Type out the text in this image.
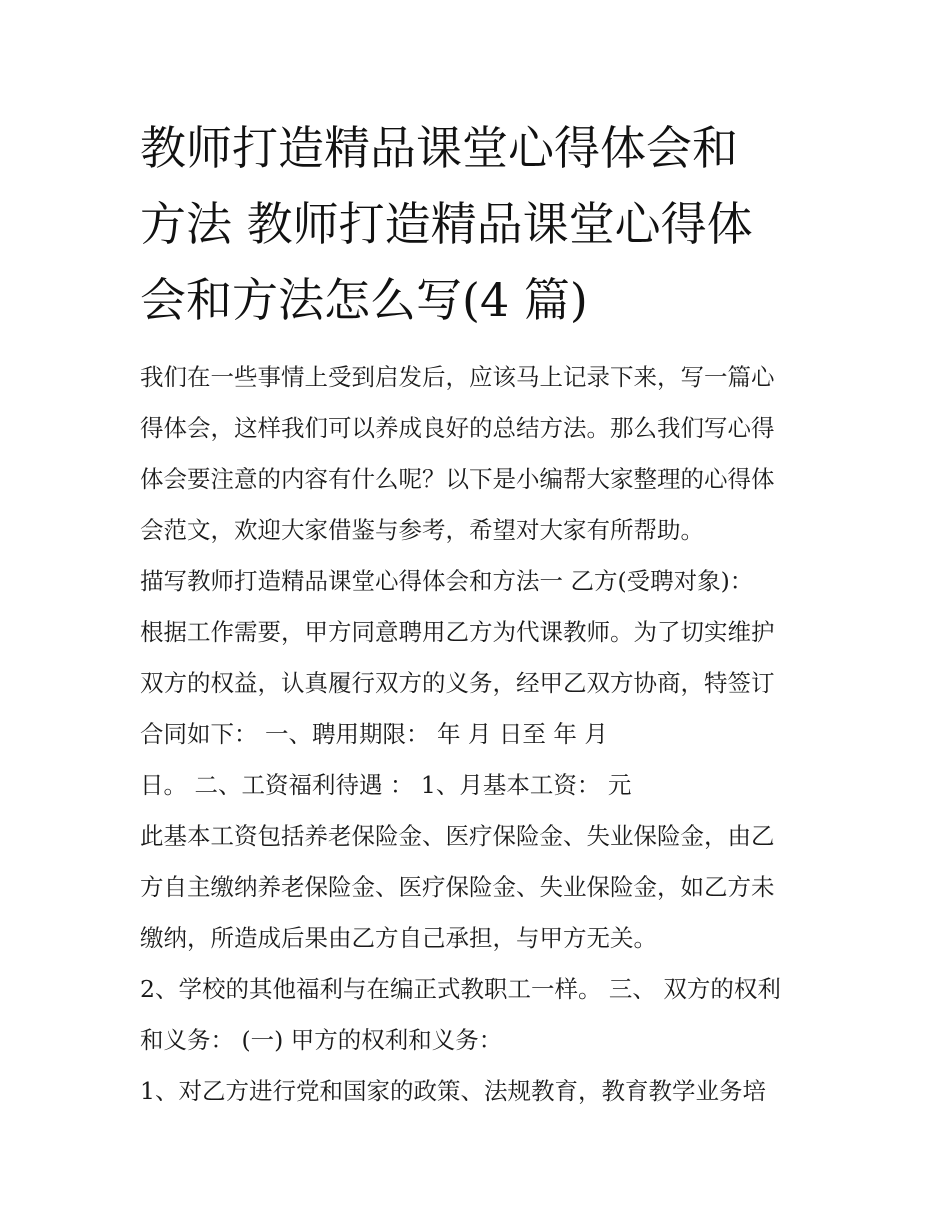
教师打造精品课堂心得体会和
方法 教师打造精品课堂心得体
会和方法怎么写(4 篇)
我们在一些事情上受到启发后，应该马上记录下来，写一篇心
得体会，这样我们可以养成良好的总结方法。那么我们写心得
体会要注意的内容有什么呢？以下是小编帮大家整理的心得体
会范文，欢迎大家借鉴与参考，希望对大家有所帮助。
描写教师打造精品课堂心得体会和方法一 乙方(受聘对象)：
根据工作需要，甲方同意聘用乙方为代课教师。为了切实维护
双方的权益，认真履行双方的义务，经甲乙双方协商，特签订
合同如下： 一、聘用期限： 年 月 日至 年 月
日。 二、工资福利待遇 ： 1、月基本工资： 元
此基本工资包括养老保险金、医疗保险金、失业保险金，由乙
方自主缴纳养老保险金、医疗保险金、失业保险金，如乙方未
缴纳，所造成后果由乙方自己承担，与甲方无关。
2、学校的其他福利与在编正式教职工一样。 三、 双方的权利
和义务： (一) 甲方的权利和义务：
1、对乙方进行党和国家的政策、法规教育，教育教学业务培
